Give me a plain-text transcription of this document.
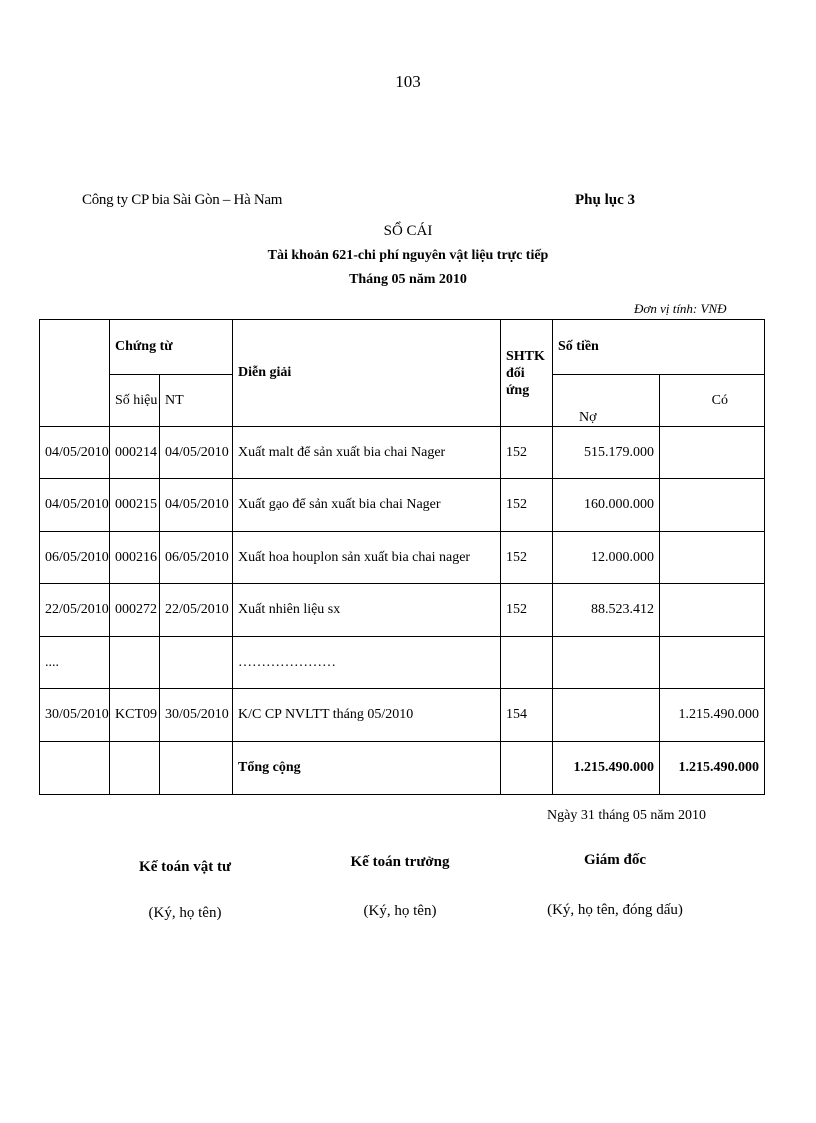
103
Công ty CP bia Sài Gòn – Hà Nam	Phụ lục 3
SỔ CÁI
Tài khoản 621-chi phí nguyên vật liệu trực tiếp
Tháng 05 năm 2010
Đơn vị tính: VNĐ
	Chứng từ		Diễn giải	SHTK đối ứng	Số tiền	
	Số hiệu	NT			Nợ	Có
04/05/2010	000214	04/05/2010	Xuất malt để sản xuất bia chai Nager	152	515.179.000	
04/05/2010	000215	04/05/2010	Xuất gạo để sản xuất bia chai Nager	152	160.000.000	
06/05/2010	000216	06/05/2010	Xuất hoa houplon sản xuất bia chai nager	152	12.000.000	
22/05/2010	000272	22/05/2010	Xuất nhiên liệu sx	152	88.523.412	
....			…………………			
30/05/2010	KCT09	30/05/2010	K/C CP NVLTT tháng 05/2010	154		1.215.490.000
			Tổng cộng		1.215.490.000	1.215.490.000
Ngày 31 tháng 05 năm 2010
Kế toán vật tư
(Ký, họ tên)
Kế toán trưởng
(Ký, họ tên)
Giám đốc
(Ký, họ tên, đóng dấu)
